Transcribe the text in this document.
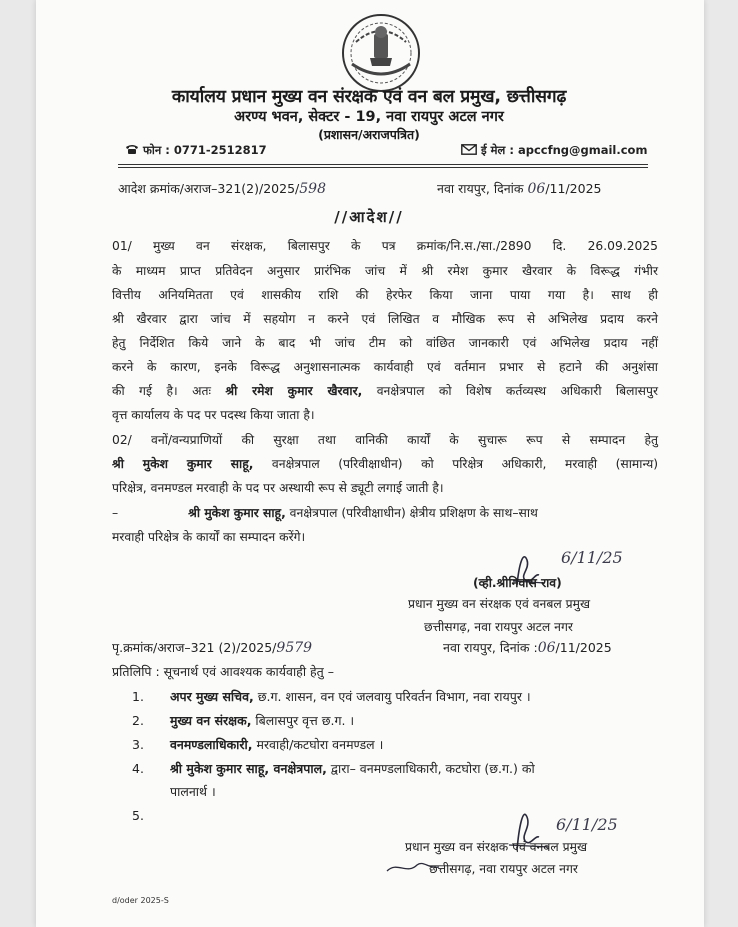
कार्यालय प्रधान मुख्य वन संरक्षक एवं वन बल प्रमुख, छत्तीसगढ़
अरण्य भवन, सेक्टर - 19, नवा रायपुर अटल नगर
(प्रशासन/अराजपत्रित)
फोन : 0771-2512817	ई मेल : apccfng@gmail.com
आदेश क्रमांक/अराज–321(2)/2025/598	नवा रायपुर, दिनांक 06/11/2025
//आदेश//
01/ मुख्य वन संरक्षक, बिलासपुर के पत्र क्रमांक/नि.स./सा./2890 दि. 26.09.2025
के माध्यम प्राप्त प्रतिवेदन अनुसार प्रारंभिक जांच में श्री रमेश कुमार खैरवार के विरूद्ध गंभीर
वित्तीय अनियमितता एवं शासकीय राशि की हेरफेर किया जाना पाया गया है। साथ ही
श्री खैरवार द्वारा जांच में सहयोग न करने एवं लिखित व मौखिक रूप से अभिलेख प्रदाय करने
हेतु निर्देशित किये जाने के बाद भी जांच टीम को वांछित जानकारी एवं अभिलेख प्रदाय नहीं
करने के कारण, इनके विरूद्ध अनुशासनात्मक कार्यवाही एवं वर्तमान प्रभार से हटाने की अनुशंसा
की गई है। अतः श्री रमेश कुमार खैरवार, वनक्षेत्रपाल को विशेष कर्तव्यस्थ अधिकारी बिलासपुर
वृत्त कार्यालय के पद पर पदस्थ किया जाता है।
02/ वनों/वन्यप्राणियों की सुरक्षा तथा वानिकी कार्यों के सुचारू रूप से सम्पादन हेतु
श्री मुकेश कुमार साहू, वनक्षेत्रपाल (परिवीक्षाधीन) को परिक्षेत्र अधिकारी, मरवाही (सामान्य)
परिक्षेत्र, वनमण्डल मरवाही के पद पर अस्थायी रूप से ड्यूटी लगाई जाती है।
–	श्री मुकेश कुमार साहू, वनक्षेत्रपाल (परिवीक्षाधीन) क्षेत्रीय प्रशिक्षण के साथ–साथ
मरवाही परिक्षेत्र के कार्यों का सम्पादन करेंगे।
6/11/25
(व्ही.श्रीनिवास राव)
प्रधान मुख्य वन संरक्षक एवं वनबल प्रमुख
छत्तीसगढ़, नवा रायपुर अटल नगर
पृ.क्रमांक/अराज–321 (2)/2025/9579	नवा रायपुर, दिनांक :06/11/2025
प्रतिलिपि : सूचनार्थ एवं आवश्यक कार्यवाही हेतु –
1. अपर मुख्य सचिव, छ.ग. शासन, वन एवं जलवायु परिवर्तन विभाग, नवा रायपुर ।
2. मुख्य वन संरक्षक, बिलासपुर वृत्त छ.ग. ।
3. वनमण्डलाधिकारी, मरवाही/कटघोरा वनमण्डल ।
4. श्री मुकेश कुमार साहू, वनक्षेत्रपाल, द्वारा– वनमण्डलाधिकारी, कटघोरा (छ.ग.) को
पालनार्थ ।
5.	6/11/25
प्रधान मुख्य वन संरक्षक एवं वनबल प्रमुख
छत्तीसगढ़, नवा रायपुर अटल नगर
d/oder 2025-S
